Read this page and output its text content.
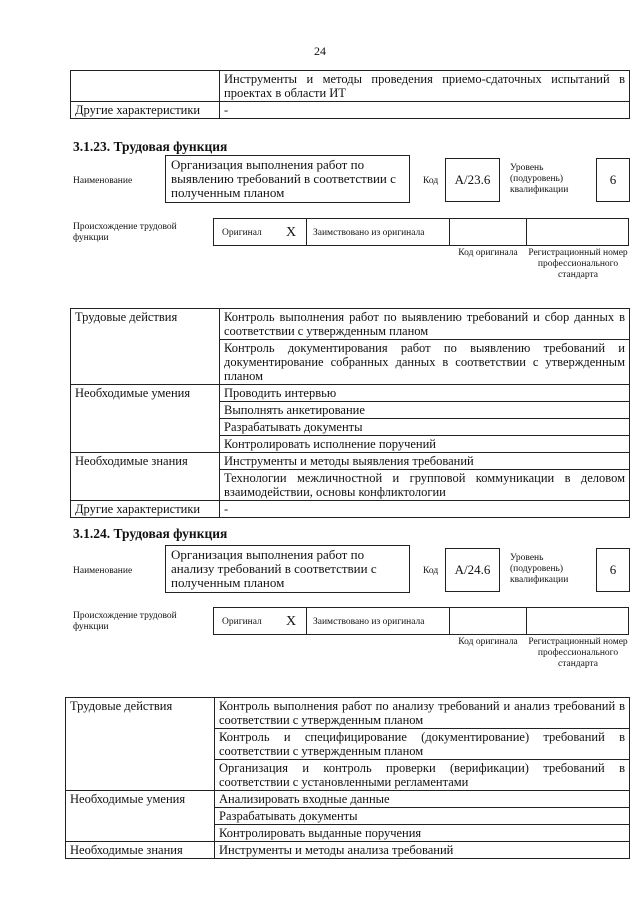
24
	Инструменты и методы проведения приемо-сдаточных испытаний в проектах в области ИТ
Другие характеристики	-
3.1.23. Трудовая функция
Наименование
Организация выполнения работ по выявлению требований в соответствии с полученным планом
Код	A/23.6
Уровень (подуровень) квалификации
6
Происхождение трудовой функции	Оригинал X Заимствовано из оригинала
Код оригинала Регистрационный номер профессионального стандарта
Трудовые действия	Контроль выполнения работ по выявлению требований и сбор данных в соответствии с утвержденным планом
	Контроль документирования работ по выявлению требований и документирование собранных данных в соответствии с утвержденным планом
Необходимые умения	Проводить интервью
	Выполнять анкетирование
	Разрабатывать документы
	Контролировать исполнение поручений
Необходимые знания	Инструменты и методы выявления требований
	Технологии межличностной и групповой коммуникации в деловом взаимодействии, основы конфликтологии
Другие характеристики	-
3.1.24. Трудовая функция
Наименование
Организация выполнения работ по анализу требований в соответствии с полученным планом
Код	A/24.6
Уровень (подуровень) квалификации
6
Происхождение трудовой функции	Оригинал X Заимствовано из оригинала
Код оригинала Регистрационный номер профессионального стандарта
Трудовые действия	Контроль выполнения работ по анализу требований и анализ требований в соответствии с утвержденным планом
	Контроль и специфицирование (документирование) требований в соответствии с утвержденным планом
	Организация и контроль проверки (верификации) требований в соответствии с установленными регламентами
Необходимые умения	Анализировать входные данные
	Разрабатывать документы
	Контролировать выданные поручения
Необходимые знания	Инструменты и методы анализа требований
